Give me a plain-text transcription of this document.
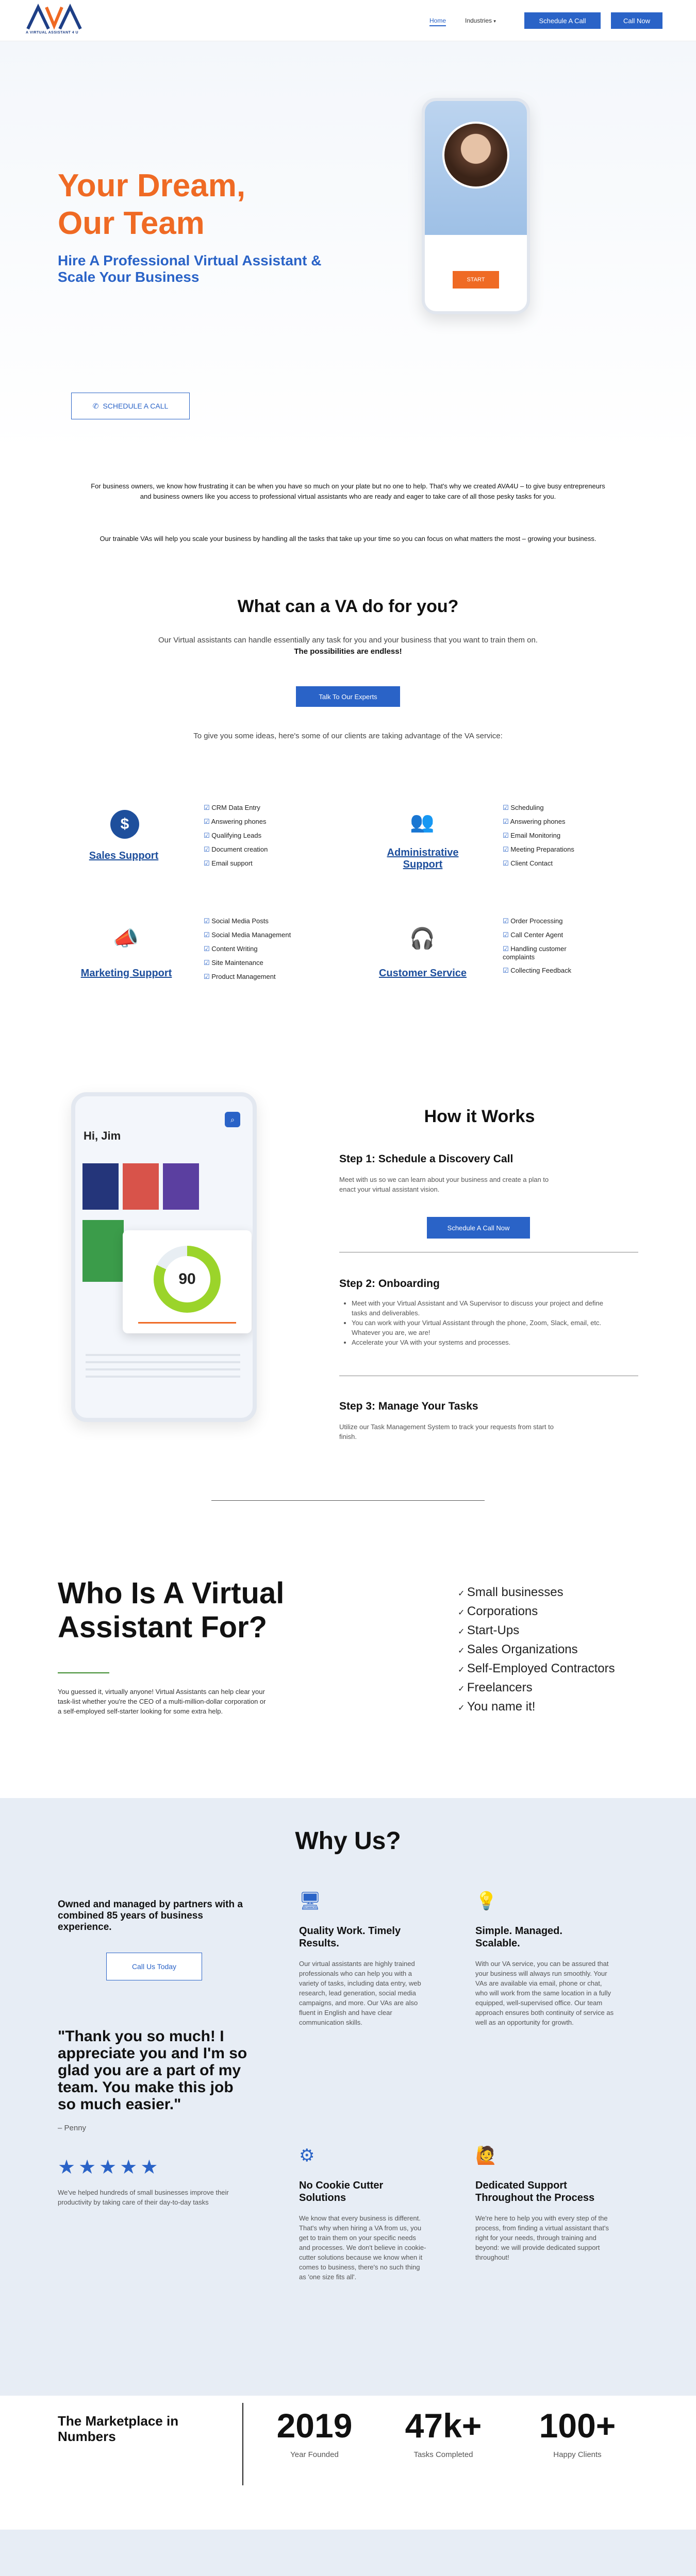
A VIRTUAL ASSISTANT 4 U
Home	Industries ▾	Schedule A Call	Call Now
Your Dream,
Our Team
Hire A Professional Virtual Assistant & Scale Your Business
✆ SCHEDULE A CALL
START
For business owners, we know how frustrating it can be when you have so much on your plate but no one to help. That's why we created AVA4U – to give busy entrepreneurs and business owners like you access to professional virtual assistants who are ready and eager to take care of all those pesky tasks for you.
Our trainable VAs will help you scale your business by handling all the tasks that take up your time so you can focus on what matters the most – growing your business.
What can a VA do for you?
Our Virtual assistants can handle essentially any task for you and your business that you want to train them on.
The possibilities are endless!
Talk To Our Experts
To give you some ideas, here's some of our clients are taking advantage of the VA service:
$
Sales Support
☑ CRM Data Entry
☑ Answering phones
☑ Qualifying Leads
☑ Document creation
☑ Email support
👥
Administrative Support
☑ Scheduling
☑ Answering phones
☑ Email Monitoring
☑ Meeting Preparations
☑ Client Contact
📣
Marketing Support
☑ Social Media Posts
☑ Social Media Management
☑ Content Writing
☑ Site Maintenance
☑ Product Management
🎧
Customer Service
☑ Order Processing
☑ Call Center Agent
☑ Handling customer complaints
☑ Collecting Feedback
Hi, Jim
⌕
90
How it Works
Step 1: Schedule a Discovery Call
Meet with us so we can learn about your business and create a plan to enact your virtual assistant vision.
Schedule A Call Now
Step 2: Onboarding
• Meet with your Virtual Assistant and VA Supervisor to discuss your project and define tasks and deliverables.
• You can work with your Virtual Assistant through the phone, Zoom, Slack, email, etc. Whatever you are, we are!
• Accelerate your VA with your systems and processes.
Step 3: Manage Your Tasks
Utilize our Task Management System to track your requests from start to finish.
Who Is A Virtual Assistant For?
You guessed it, virtually anyone! Virtual Assistants can help clear your task-list whether you're the CEO of a multi-million-dollar corporation or a self-employed self-starter looking for some extra help.
✓ Small businesses
✓ Corporations
✓ Start-Ups
✓ Sales Organizations
✓ Self-Employed Contractors
✓ Freelancers
✓ You name it!
Why Us?
Owned and managed by partners with a combined 85 years of business experience.
Call Us Today
"Thank you so much! I appreciate you and I'm so glad you are a part of my team. You make this job so much easier."
– Penny
★★★★★
We've helped hundreds of small businesses improve their productivity by taking care of their day-to-day tasks
🖥
Quality Work. Timely Results.
Our virtual assistants are highly trained professionals who can help you with a variety of tasks, including data entry, web research, lead generation, social media campaigns, and more. Our VAs are also fluent in English and have clear communication skills.
💡
Simple. Managed. Scalable.
With our VA service, you can be assured that your business will always run smoothly. Your VAs are available via email, phone or chat, who will work from the same location in a fully equipped, well-supervised office. Our team approach ensures both continuity of service as well as an opportunity for growth.
⚙
No Cookie Cutter Solutions
We know that every business is different. That's why when hiring a VA from us, you get to train them on your specific needs and processes. We don't believe in cookie-cutter solutions because we know when it comes to business, there's no such thing as 'one size fits all'.
🙋
Dedicated Support Throughout the Process
We're here to help you with every step of the process, from finding a virtual assistant that's right for your needs, through training and beyond: we will provide dedicated support throughout!
The Marketplace in Numbers	2019
Year Founded
47k+
Tasks Completed
100+
Happy Clients
